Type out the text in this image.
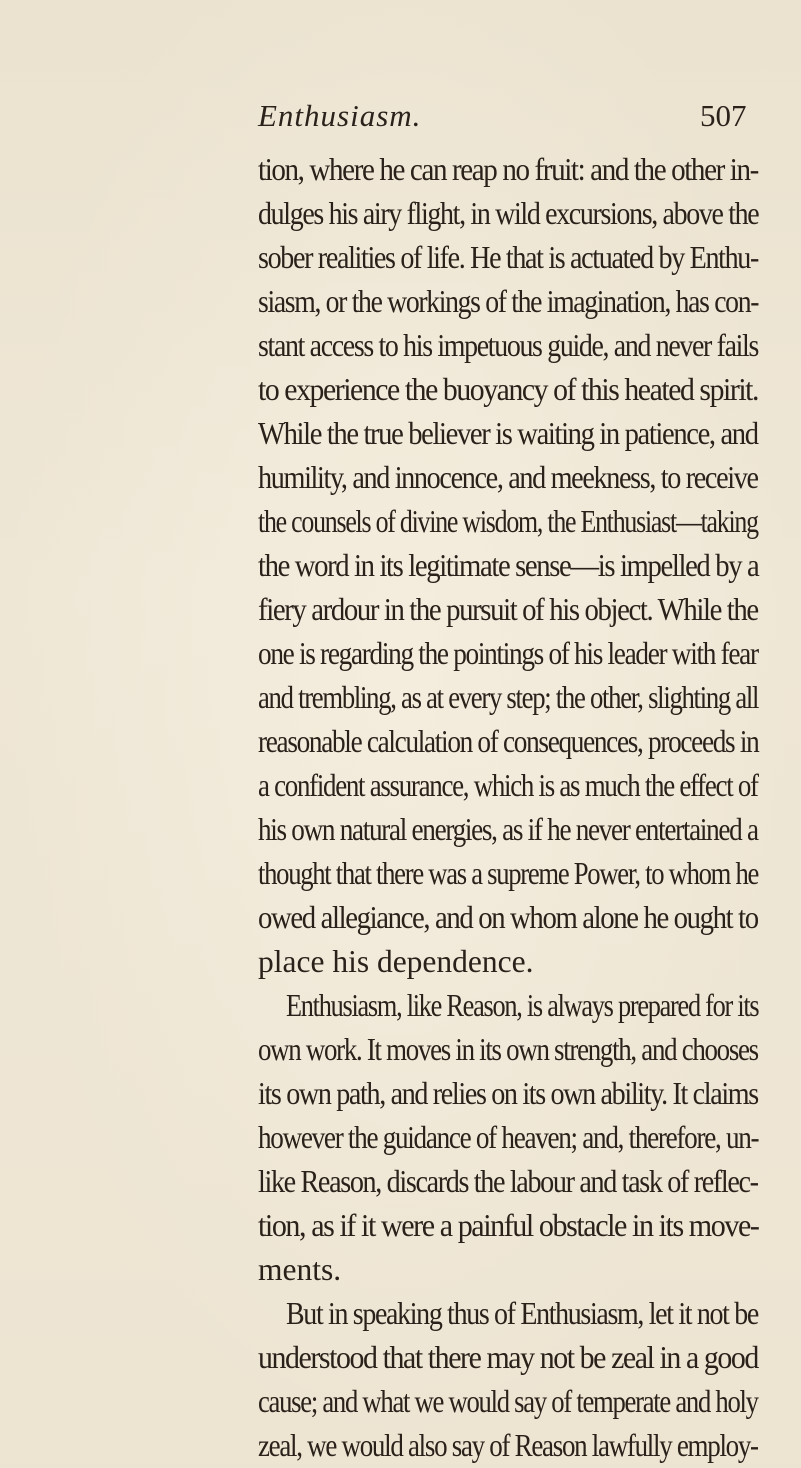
Enthusiasm.	507
tion, where he can reap no fruit: and the other in-
dulges his airy flight, in wild excursions, above the
sober realities of life. He that is actuated by Enthu-
siasm, or the workings of the imagination, has con-
stant access to his impetuous guide, and never fails
to experience the buoyancy of this heated spirit.
While the true believer is waiting in patience, and
humility, and innocence, and meekness, to receive
the counsels of divine wisdom, the Enthusiast—taking
the word in its legitimate sense—is impelled by a
fiery ardour in the pursuit of his object. While the
one is regarding the pointings of his leader with fear
and trembling, as at every step; the other, slighting all
reasonable calculation of consequences, proceeds in
a confident assurance, which is as much the effect of
his own natural energies, as if he never entertained a
thought that there was a supreme Power, to whom he
owed allegiance, and on whom alone he ought to
place his dependence.
Enthusiasm, like Reason, is always prepared for its
own work. It moves in its own strength, and chooses
its own path, and relies on its own ability. It claims
however the guidance of heaven; and, therefore, un-
like Reason, discards the labour and task of reflec-
tion, as if it were a painful obstacle in its move-
ments.
But in speaking thus of Enthusiasm, let it not be
understood that there may not be zeal in a good
cause; and what we would say of temperate and holy
zeal, we would also say of Reason lawfully employ-
